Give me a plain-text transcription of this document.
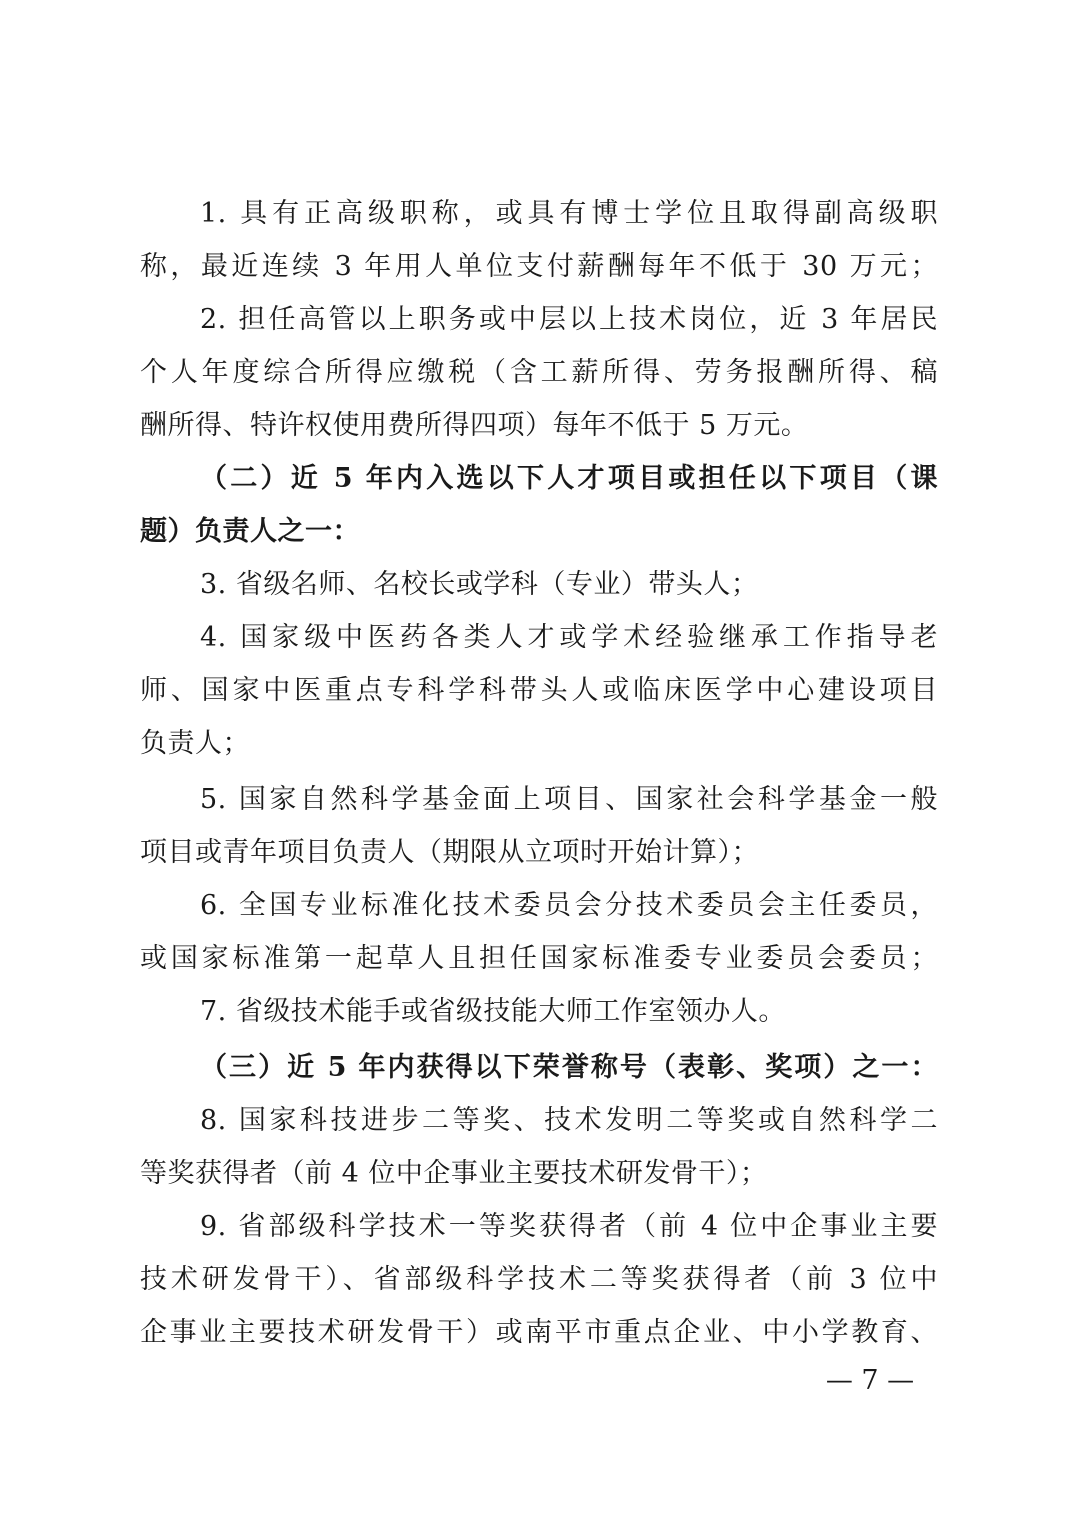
1. 具有正高级职称，或具有博士学位且取得副高级职
称，最近连续 3 年用人单位支付薪酬每年不低于 30 万元；
2. 担任高管以上职务或中层以上技术岗位，近 3 年居民
个人年度综合所得应缴税（含工薪所得、劳务报酬所得、稿
酬所得、特许权使用费所得四项）每年不低于 5 万元。
（二）近 5 年内入选以下人才项目或担任以下项目（课
题）负责人之一：
3. 省级名师、名校长或学科（专业）带头人；
4. 国家级中医药各类人才或学术经验继承工作指导老
师、国家中医重点专科学科带头人或临床医学中心建设项目
负责人；
5. 国家自然科学基金面上项目、国家社会科学基金一般
项目或青年项目负责人（期限从立项时开始计算）；
6. 全国专业标准化技术委员会分技术委员会主任委员，
或国家标准第一起草人且担任国家标准委专业委员会委员；
7. 省级技术能手或省级技能大师工作室领办人。
（三）近 5 年内获得以下荣誉称号（表彰、奖项）之一：
8. 国家科技进步二等奖、技术发明二等奖或自然科学二
等奖获得者（前 4 位中企事业主要技术研发骨干）；
9. 省部级科学技术一等奖获得者（前 4 位中企事业主要
技术研发骨干）、省部级科学技术二等奖获得者（前 3 位中
企事业主要技术研发骨干）或南平市重点企业、中小学教育、
— 7 —
